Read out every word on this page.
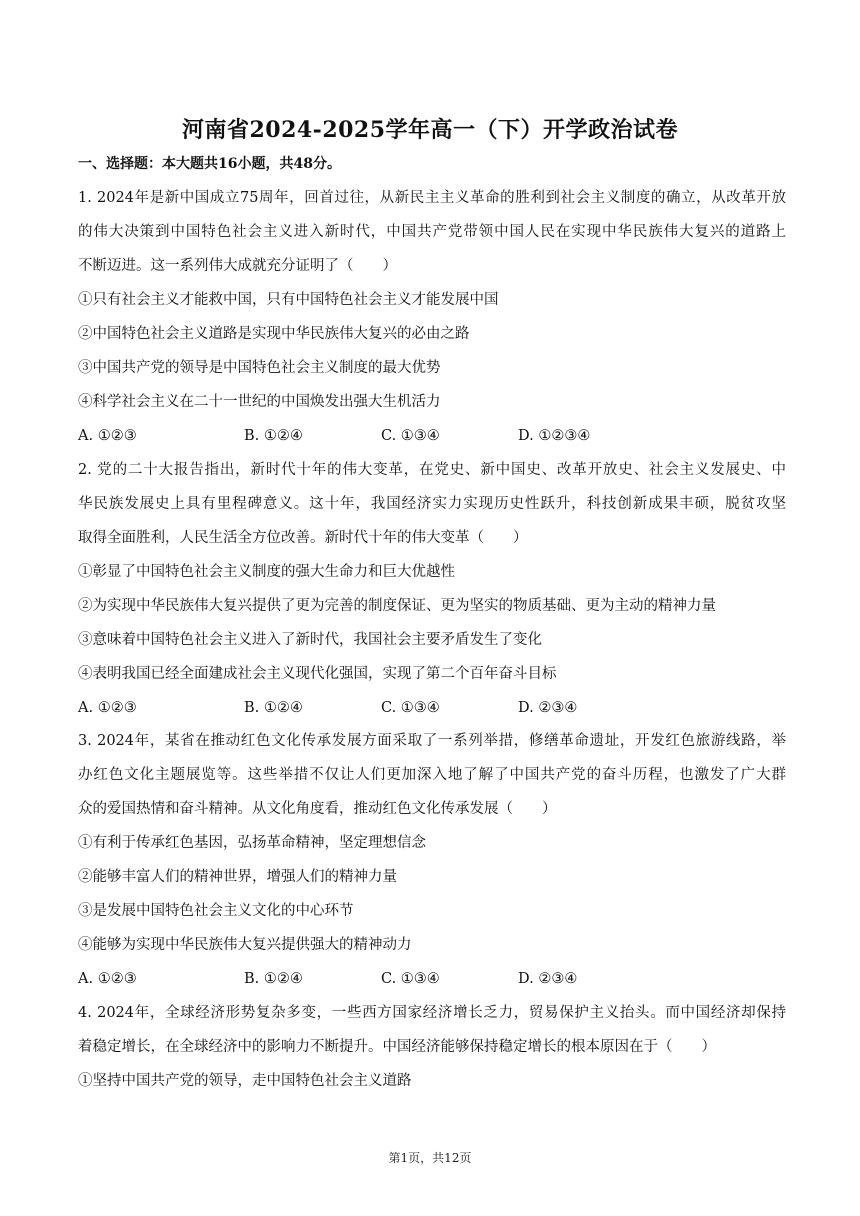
河南省2024-2025学年高一（下）开学政治试卷
一、选择题：本大题共16小题，共48分。
1. 2024年是新中国成立75周年，回首过往，从新民主主义革命的胜利到社会主义制度的确立，从改革开放
的伟大决策到中国特色社会主义进入新时代，中国共产党带领中国人民在实现中华民族伟大复兴的道路上
不断迈进。这一系列伟大成就充分证明了（　　）
①只有社会主义才能救中国，只有中国特色社会主义才能发展中国
②中国特色社会主义道路是实现中华民族伟大复兴的必由之路
③中国共产党的领导是中国特色社会主义制度的最大优势
④科学社会主义在二十一世纪的中国焕发出强大生机活力
A. ①②③	B. ①②④	C. ①③④	D. ①②③④
2. 党的二十大报告指出，新时代十年的伟大变革，在党史、新中国史、改革开放史、社会主义发展史、中
华民族发展史上具有里程碑意义。这十年，我国经济实力实现历史性跃升，科技创新成果丰硕，脱贫攻坚
取得全面胜利，人民生活全方位改善。新时代十年的伟大变革（　　）
①彰显了中国特色社会主义制度的强大生命力和巨大优越性
②为实现中华民族伟大复兴提供了更为完善的制度保证、更为坚实的物质基础、更为主动的精神力量
③意味着中国特色社会主义进入了新时代，我国社会主要矛盾发生了变化
④表明我国已经全面建成社会主义现代化强国，实现了第二个百年奋斗目标
A. ①②③	B. ①②④	C. ①③④	D. ②③④
3. 2024年，某省在推动红色文化传承发展方面采取了一系列举措，修缮革命遗址，开发红色旅游线路，举
办红色文化主题展览等。这些举措不仅让人们更加深入地了解了中国共产党的奋斗历程，也激发了广大群
众的爱国热情和奋斗精神。从文化角度看，推动红色文化传承发展（　　）
①有利于传承红色基因，弘扬革命精神，坚定理想信念
②能够丰富人们的精神世界，增强人们的精神力量
③是发展中国特色社会主义文化的中心环节
④能够为实现中华民族伟大复兴提供强大的精神动力
A. ①②③	B. ①②④	C. ①③④	D. ②③④
4. 2024年，全球经济形势复杂多变，一些西方国家经济增长乏力，贸易保护主义抬头。而中国经济却保持
着稳定增长，在全球经济中的影响力不断提升。中国经济能够保持稳定增长的根本原因在于（　　）
①坚持中国共产党的领导，走中国特色社会主义道路
第1页，共12页
